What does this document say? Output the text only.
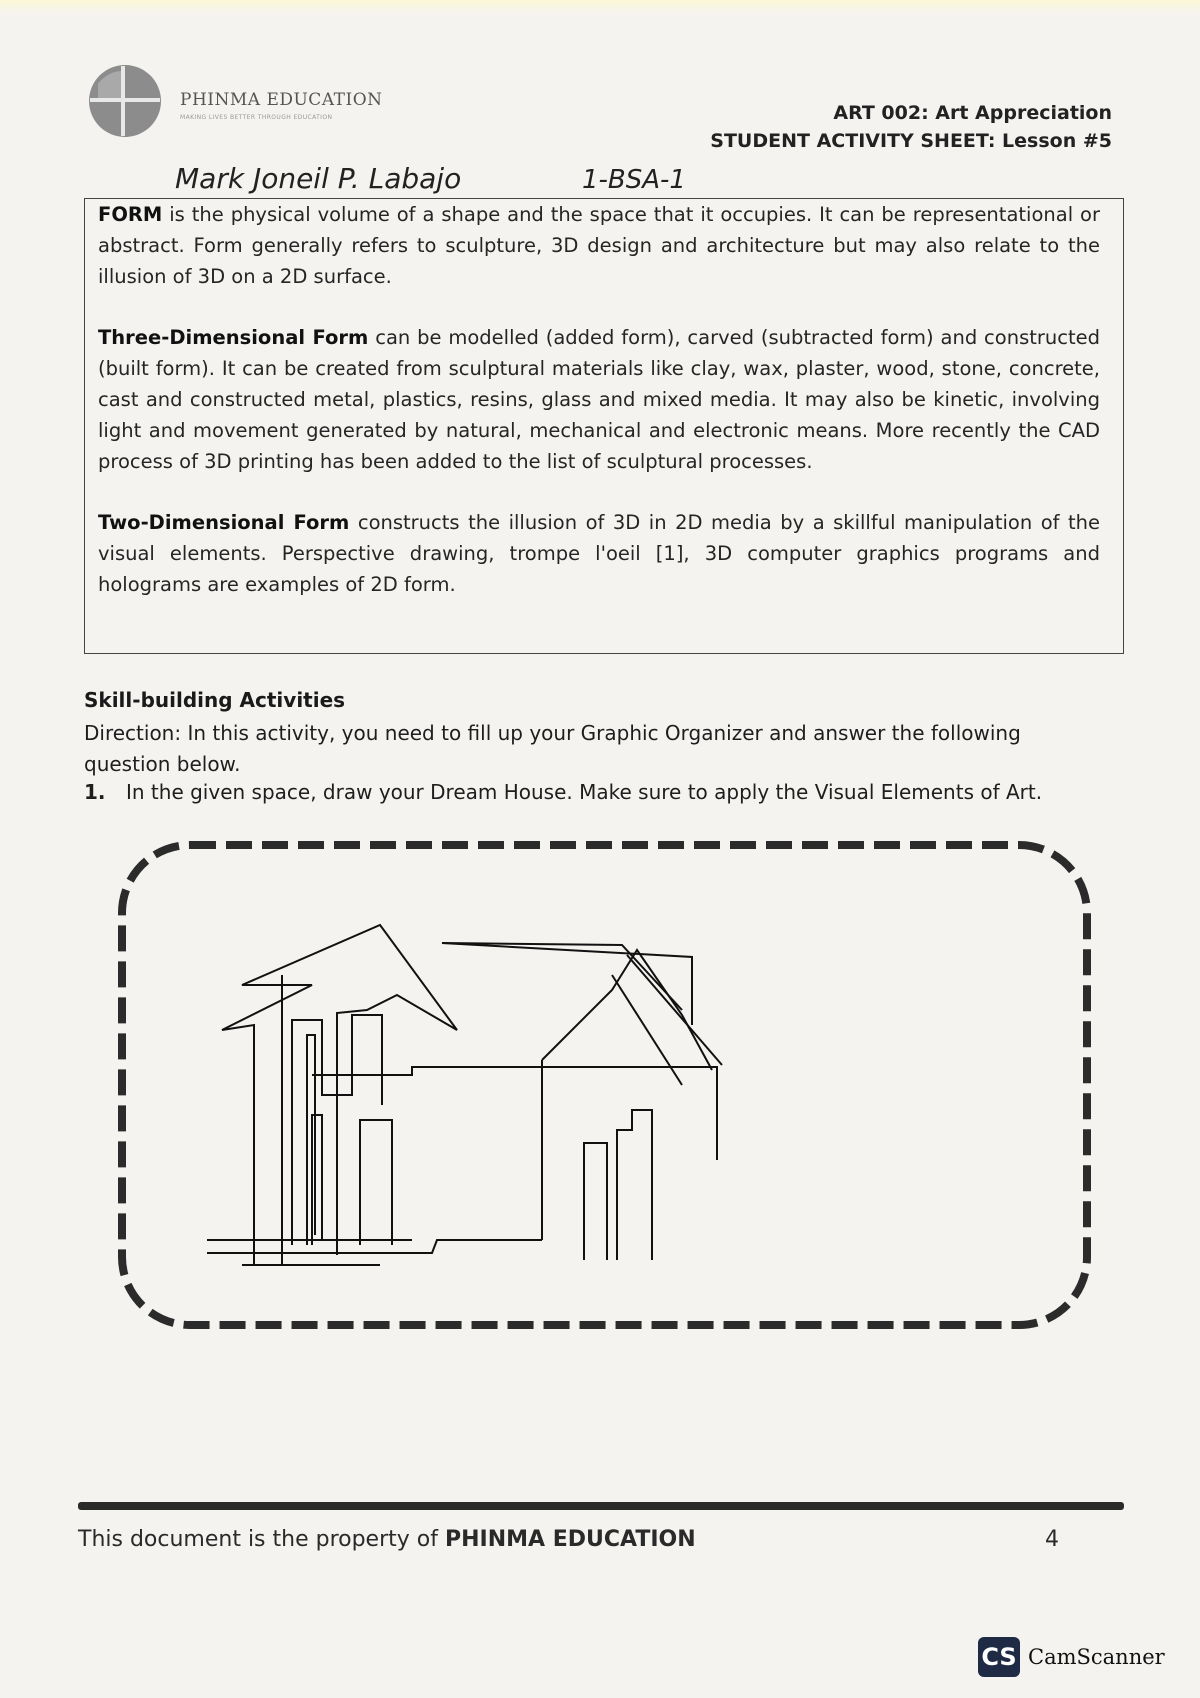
PHINMA EDUCATION
MAKING LIVES BETTER THROUGH EDUCATION	ART 002: Art Appreciation
STUDENT ACTIVITY SHEET: Lesson #5
Mark Joneil P. Labajo	1-BSA-1

FORM is the physical volume of a shape and the space that it occupies. It can be representational or abstract. Form generally refers to sculpture, 3D design and architecture but may also relate to the illusion of 3D on a 2D surface.

Three-Dimensional Form can be modelled (added form), carved (subtracted form) and constructed (built form). It can be created from sculptural materials like clay, wax, plaster, wood, stone, concrete, cast and constructed metal, plastics, resins, glass and mixed media. It may also be kinetic, involving light and movement generated by natural, mechanical and electronic means. More recently the CAD process of 3D printing has been added to the list of sculptural processes.

Two-Dimensional Form constructs the illusion of 3D in 2D media by a skillful manipulation of the visual elements. Perspective drawing, trompe l'oeil [1], 3D computer graphics programs and holograms are examples of 2D form.

Skill-building Activities
Direction: In this activity, you need to fill up your Graphic Organizer and answer the following question below.
1. In the given space, draw your Dream House. Make sure to apply the Visual Elements of Art.
This document is the property of PHINMA EDUCATION	4
CS CamScanner
